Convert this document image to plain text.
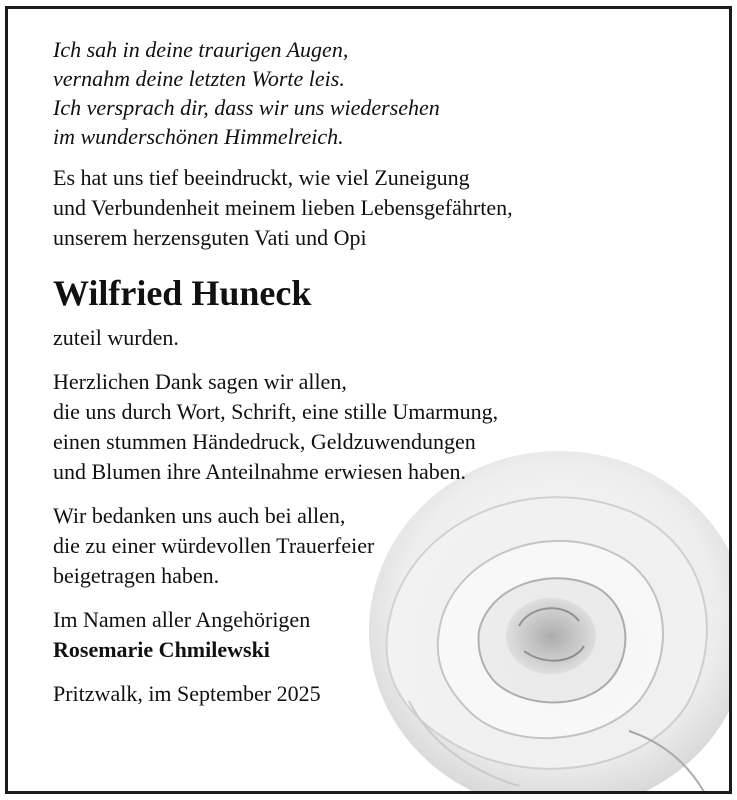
Ich sah in deine traurigen Augen,
vernahm deine letzten Worte leis.
Ich versprach dir, dass wir uns wiedersehen
im wunderschönen Himmelreich.

Es hat uns tief beeindruckt, wie viel Zuneigung
und Verbundenheit meinem lieben Lebensgefährten,
unserem herzensguten Vati und Opi

Wilfried Huneck

zuteil wurden.

Herzlichen Dank sagen wir allen,
die uns durch Wort, Schrift, eine stille Umarmung,
einen stummen Händedruck, Geldzuwendungen
und Blumen ihre Anteilnahme erwiesen haben.

Wir bedanken uns auch bei allen,
die zu einer würdevollen Trauerfeier
beigetragen haben.

Im Namen aller Angehörigen
Rosemarie Chmilewski

Pritzwalk, im September 2025
